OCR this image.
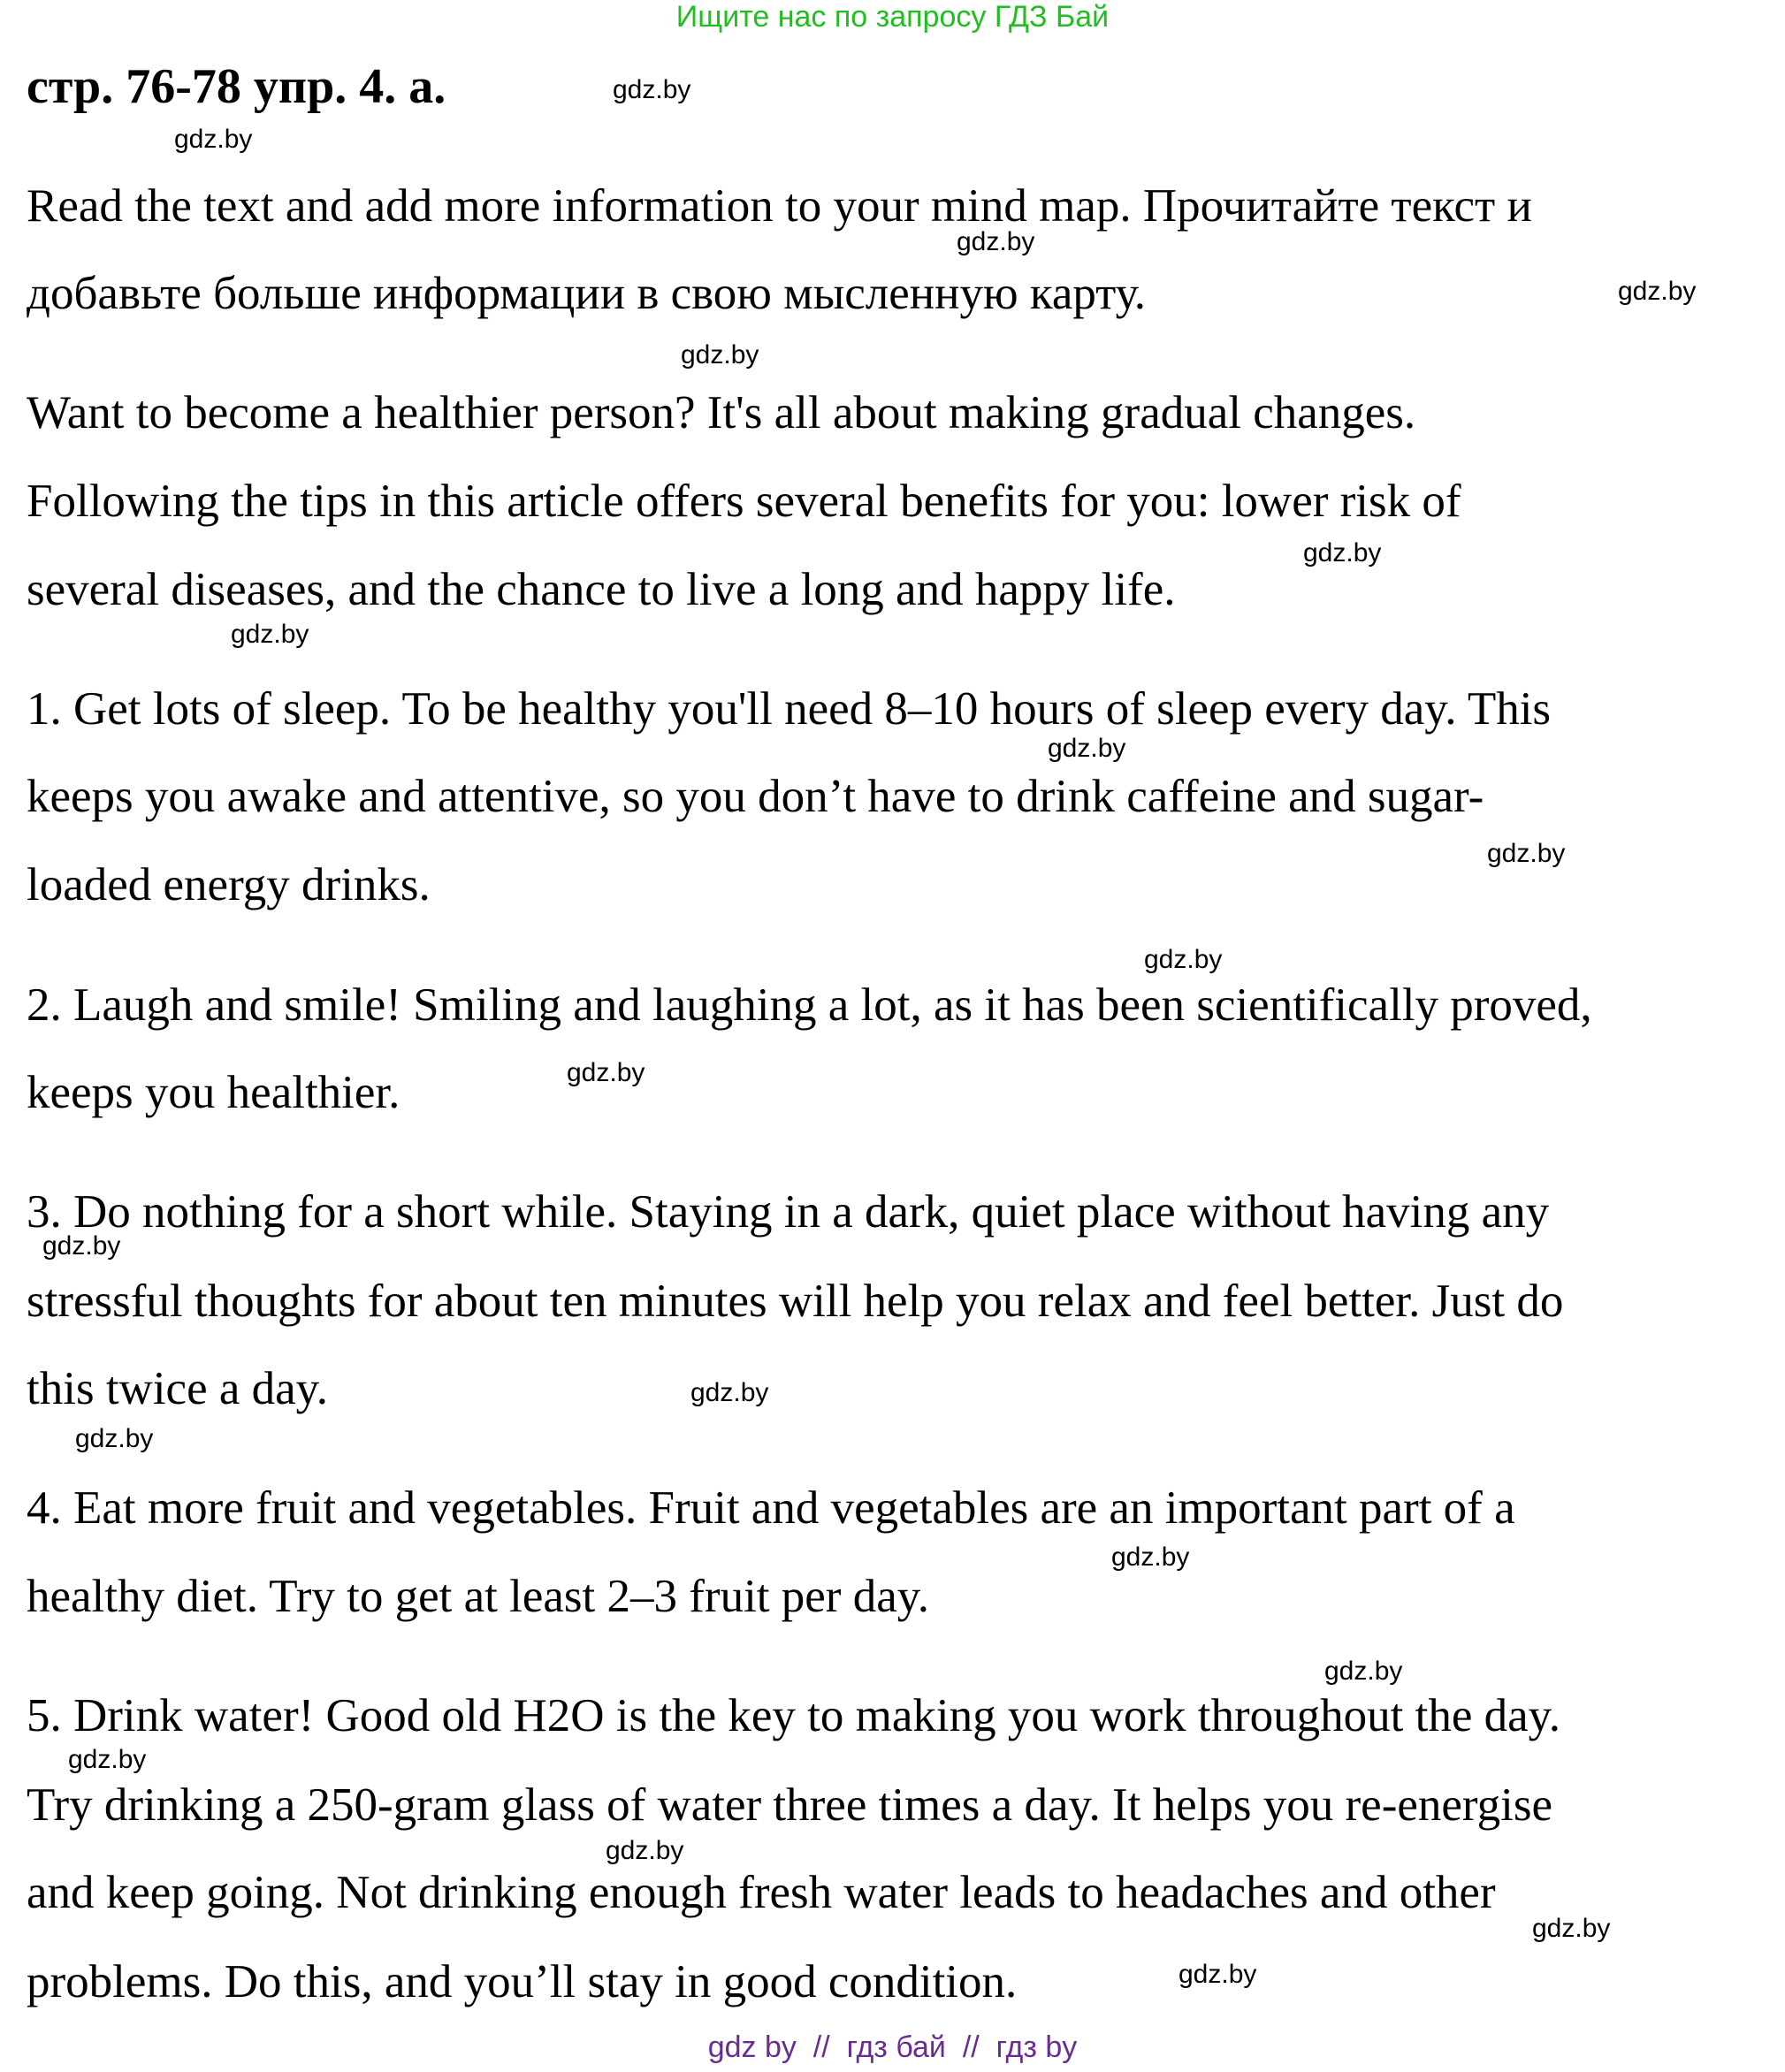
Ищите нас по запросу ГДЗ Бай
стр. 76-78 упр. 4. а.
Read the text and add more information to your mind map. Прочитайте текст и
добавьте больше информации в свою мысленную карту.
Want to become a healthier person? It's all about making gradual changes.
Following the tips in this article offers several benefits for you: lower risk of
several diseases, and the chance to live a long and happy life.
1. Get lots of sleep. To be healthy you'll need 8–10 hours of sleep every day. This
keeps you awake and attentive, so you don’t have to drink caffeine and sugar-
loaded energy drinks.
2. Laugh and smile! Smiling and laughing a lot, as it has been scientifically proved,
keeps you healthier.
3. Do nothing for a short while. Staying in a dark, quiet place without having any
stressful thoughts for about ten minutes will help you relax and feel better. Just do
this twice a day.
4. Eat more fruit and vegetables. Fruit and vegetables are an important part of a
healthy diet. Try to get at least 2–3 fruit per day.
5. Drink water! Good old H2O is the key to making you work throughout the day.
Try drinking a 250-gram glass of water three times a day. It helps you re-energise
and keep going. Not drinking enough fresh water leads to headaches and other
problems. Do this, and you’ll stay in good condition.
gdz.by
gdz.by
gdz.by
gdz.by
gdz.by
gdz.by
gdz.by
gdz.by
gdz.by
gdz.by
gdz.by
gdz.by
gdz.by
gdz.by
gdz.by
gdz.by
gdz.by
gdz.by
gdz.by
gdz.by
gdz by  //  гдз бай  //  гдз by
